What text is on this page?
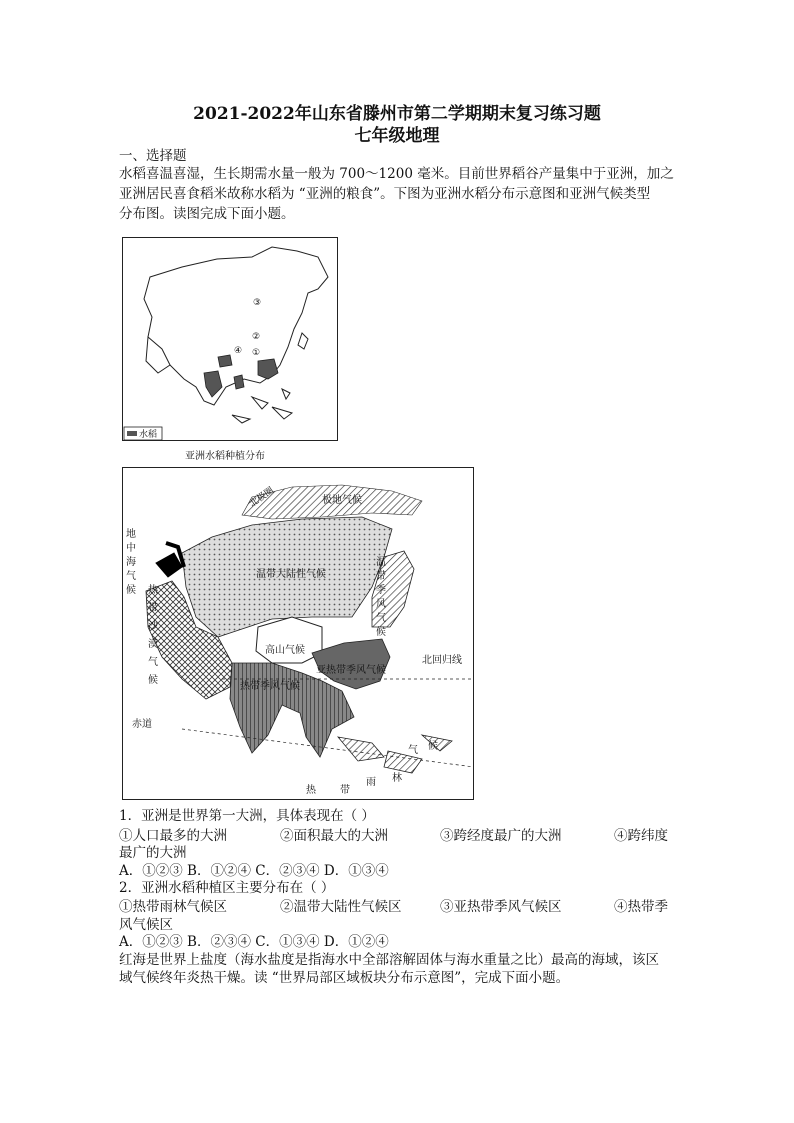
2021-2022年山东省滕州市第二学期期末复习练习题
七年级地理
一、选择题
水稻喜温喜湿，生长期需水量一般为 700～1200 毫米。目前世界稻谷产量集中于亚洲，加之
亚洲居民喜食稻米故称水稻为 “亚洲的粮食”。下图为亚洲水稻分布示意图和亚洲气候类型
分布图。读图完成下面小题。
③
②
①
④
水稻
亚洲水稻种植分布
温带大陆性气候
高山气候
亚热带季风气候
热带季风气候
北回归线
赤道
极地气候
北极圈
温
带
季
风
气
候
地
中
海
气
候 热
带
沙
漠
气
候
热 带
雨 林
气 候
1．亚洲是世界第一大洲，具体表现在（ ）
①人口最多的大洲	②面积最大的大洲	③跨经度最广的大洲	④跨纬度
最广的大洲
A．①②③ B．①②④ C．②③④ D．①③④
2．亚洲水稻种植区主要分布在（ ）
①热带雨林气候区	②温带大陆性气候区	③亚热带季风气候区	④热带季
风气候区
A．①②③ B．②③④ C．①③④ D．①②④
红海是世界上盐度（海水盐度是指海水中全部溶解固体与海水重量之比）最高的海域，该区
域气候终年炎热干燥。读 “世界局部区域板块分布示意图”，完成下面小题。
